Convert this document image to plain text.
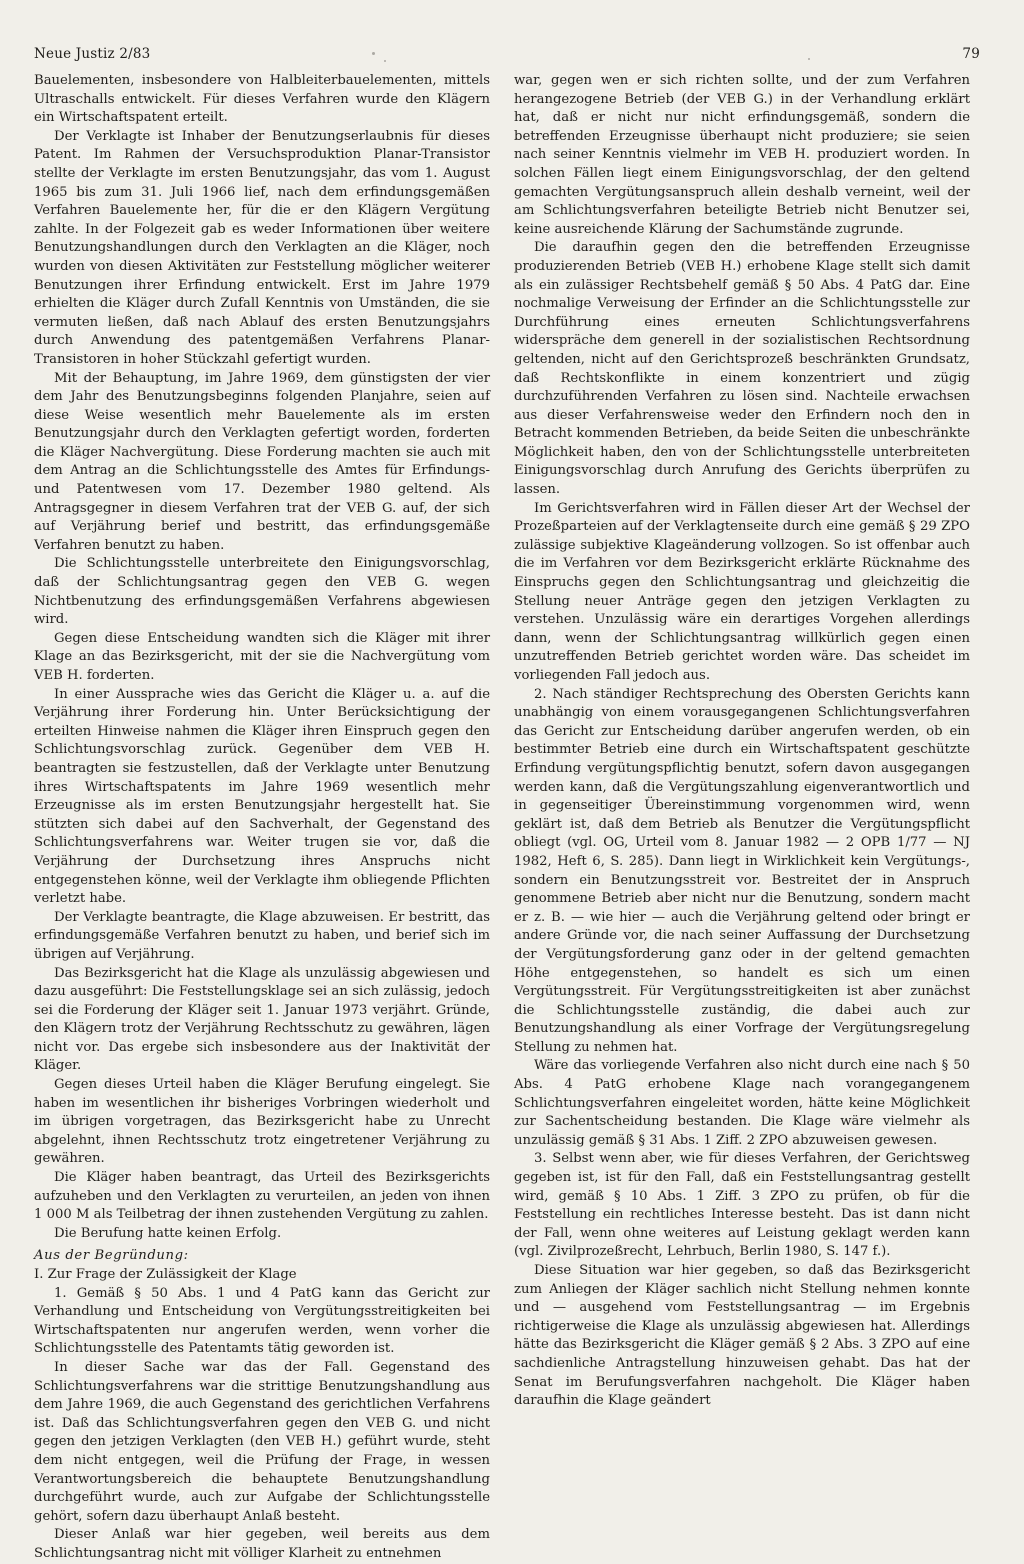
Neue Justiz 2/83	79

Bauelementen, insbesondere von Halbleiterbauelementen, mittels Ultraschalls entwickelt. Für dieses Verfahren wurde den Klägern ein Wirtschaftspatent erteilt.

Der Verklagte ist Inhaber der Benutzungserlaubnis für dieses Patent. Im Rahmen der Versuchsproduktion Planar-Transistor stellte der Verklagte im ersten Benutzungsjahr, das vom 1. August 1965 bis zum 31. Juli 1966 lief, nach dem erfindungsgemäßen Verfahren Bauelemente her, für die er den Klägern Vergütung zahlte. In der Folgezeit gab es weder Informationen über weitere Benutzungshandlungen durch den Verklagten an die Kläger, noch wurden von diesen Aktivitäten zur Feststellung möglicher weiterer Benutzungen ihrer Erfindung entwickelt. Erst im Jahre 1979 erhielten die Kläger durch Zufall Kenntnis von Umständen, die sie vermuten ließen, daß nach Ablauf des ersten Benutzungsjahrs durch Anwendung des patentgemäßen Verfahrens Planar-Transistoren in hoher Stückzahl gefertigt wurden.

Mit der Behauptung, im Jahre 1969, dem günstigsten der vier dem Jahr des Benutzungsbeginns folgenden Planjahre, seien auf diese Weise wesentlich mehr Bauelemente als im ersten Benutzungsjahr durch den Verklagten gefertigt worden, forderten die Kläger Nachvergütung. Diese Forderung machten sie auch mit dem Antrag an die Schlichtungsstelle des Amtes für Erfindungs- und Patentwesen vom 17. Dezember 1980 geltend. Als Antragsgegner in diesem Verfahren trat der VEB G. auf, der sich auf Verjährung berief und bestritt, das erfindungsgemäße Verfahren benutzt zu haben.

Die Schlichtungsstelle unterbreitete den Einigungsvorschlag, daß der Schlichtungsantrag gegen den VEB G. wegen Nichtbenutzung des erfindungsgemäßen Verfahrens abgewiesen wird.

Gegen diese Entscheidung wandten sich die Kläger mit ihrer Klage an das Bezirksgericht, mit der sie die Nachvergütung vom VEB H. forderten.

In einer Aussprache wies das Gericht die Kläger u. a. auf die Verjährung ihrer Forderung hin. Unter Berücksichtigung der erteilten Hinweise nahmen die Kläger ihren Einspruch gegen den Schlichtungsvorschlag zurück. Gegenüber dem VEB H. beantragten sie festzustellen, daß der Verklagte unter Benutzung ihres Wirtschaftspatents im Jahre 1969 wesentlich mehr Erzeugnisse als im ersten Benutzungsjahr hergestellt hat. Sie stützten sich dabei auf den Sachverhalt, der Gegenstand des Schlichtungsverfahrens war. Weiter trugen sie vor, daß die Verjährung der Durchsetzung ihres Anspruchs nicht entgegenstehen könne, weil der Verklagte ihm obliegende Pflichten verletzt habe.

Der Verklagte beantragte, die Klage abzuweisen. Er bestritt, das erfindungsgemäße Verfahren benutzt zu haben, und berief sich im übrigen auf Verjährung.

Das Bezirksgericht hat die Klage als unzulässig abgewiesen und dazu ausgeführt: Die Feststellungsklage sei an sich zulässig, jedoch sei die Forderung der Kläger seit 1. Januar 1973 verjährt. Gründe, den Klägern trotz der Verjährung Rechtsschutz zu gewähren, lägen nicht vor. Das ergebe sich insbesondere aus der Inaktivität der Kläger.

Gegen dieses Urteil haben die Kläger Berufung eingelegt. Sie haben im wesentlichen ihr bisheriges Vorbringen wiederholt und im übrigen vorgetragen, das Bezirksgericht habe zu Unrecht abgelehnt, ihnen Rechtsschutz trotz eingetretener Verjährung zu gewähren.

Die Kläger haben beantragt, das Urteil des Bezirksgerichts aufzuheben und den Verklagten zu verurteilen, an jeden von ihnen 1 000 M als Teilbetrag der ihnen zustehenden Vergütung zu zahlen.

Die Berufung hatte keinen Erfolg.

Aus der Begründung:

I. Zur Frage der Zulässigkeit der Klage

1. Gemäß § 50 Abs. 1 und 4 PatG kann das Gericht zur Verhandlung und Entscheidung von Vergütungsstreitigkeiten bei Wirtschaftspatenten nur angerufen werden, wenn vorher die Schlichtungsstelle des Patentamts tätig geworden ist.

In dieser Sache war das der Fall. Gegenstand des Schlichtungsverfahrens war die strittige Benutzungshandlung aus dem Jahre 1969, die auch Gegenstand des gerichtlichen Verfahrens ist. Daß das Schlichtungsverfahren gegen den VEB G. und nicht gegen den jetzigen Verklagten (den VEB H.) geführt wurde, steht dem nicht entgegen, weil die Prüfung der Frage, in wessen Verantwortungsbereich die behauptete Benutzungshandlung durchgeführt wurde, auch zur Aufgabe der Schlichtungsstelle gehört, sofern dazu überhaupt Anlaß besteht.

Dieser Anlaß war hier gegeben, weil bereits aus dem Schlichtungsantrag nicht mit völliger Klarheit zu entnehmen

war, gegen wen er sich richten sollte, und der zum Verfahren herangezogene Betrieb (der VEB G.) in der Verhandlung erklärt hat, daß er nicht nur nicht erfindungsgemäß, sondern die betreffenden Erzeugnisse überhaupt nicht produziere; sie seien nach seiner Kenntnis vielmehr im VEB H. produziert worden. In solchen Fällen liegt einem Einigungsvorschlag, der den geltend gemachten Vergütungsanspruch allein deshalb verneint, weil der am Schlichtungsverfahren beteiligte Betrieb nicht Benutzer sei, keine ausreichende Klärung der Sachumstände zugrunde.

Die daraufhin gegen den die betreffenden Erzeugnisse produzierenden Betrieb (VEB H.) erhobene Klage stellt sich damit als ein zulässiger Rechtsbehelf gemäß § 50 Abs. 4 PatG dar. Eine nochmalige Verweisung der Erfinder an die Schlichtungsstelle zur Durchführung eines erneuten Schlichtungsverfahrens widerspräche dem generell in der sozialistischen Rechtsordnung geltenden, nicht auf den Gerichtsprozeß beschränkten Grundsatz, daß Rechtskonflikte in einem konzentriert und zügig durchzuführenden Verfahren zu lösen sind. Nachteile erwachsen aus dieser Verfahrensweise weder den Erfindern noch den in Betracht kommenden Betrieben, da beide Seiten die unbeschränkte Möglichkeit haben, den von der Schlichtungsstelle unterbreiteten Einigungsvorschlag durch Anrufung des Gerichts überprüfen zu lassen.

Im Gerichtsverfahren wird in Fällen dieser Art der Wechsel der Prozeßparteien auf der Verklagtenseite durch eine gemäß § 29 ZPO zulässige subjektive Klageänderung vollzogen. So ist offenbar auch die im Verfahren vor dem Bezirksgericht erklärte Rücknahme des Einspruchs gegen den Schlichtungsantrag und gleichzeitig die Stellung neuer Anträge gegen den jetzigen Verklagten zu verstehen. Unzulässig wäre ein derartiges Vorgehen allerdings dann, wenn der Schlichtungsantrag willkürlich gegen einen unzutreffenden Betrieb gerichtet worden wäre. Das scheidet im vorliegenden Fall jedoch aus.

2. Nach ständiger Rechtsprechung des Obersten Gerichts kann unabhängig von einem vorausgegangenen Schlichtungsverfahren das Gericht zur Entscheidung darüber angerufen werden, ob ein bestimmter Betrieb eine durch ein Wirtschaftspatent geschützte Erfindung vergütungspflichtig benutzt, sofern davon ausgegangen werden kann, daß die Vergütungszahlung eigenverantwortlich und in gegenseitiger Übereinstimmung vorgenommen wird, wenn geklärt ist, daß dem Betrieb als Benutzer die Vergütungspflicht obliegt (vgl. OG, Urteil vom 8. Januar 1982 — 2 OPB 1/77 — NJ 1982, Heft 6, S. 285). Dann liegt in Wirklichkeit kein Vergütungs-, sondern ein Benutzungsstreit vor. Bestreitet der in Anspruch genommene Betrieb aber nicht nur die Benutzung, sondern macht er z. B. — wie hier — auch die Verjährung geltend oder bringt er andere Gründe vor, die nach seiner Auffassung der Durchsetzung der Vergütungsforderung ganz oder in der geltend gemachten Höhe entgegenstehen, so handelt es sich um einen Vergütungsstreit. Für Vergütungsstreitigkeiten ist aber zunächst die Schlichtungsstelle zuständig, die dabei auch zur Benutzungshandlung als einer Vorfrage der Vergütungsregelung Stellung zu nehmen hat.

Wäre das vorliegende Verfahren also nicht durch eine nach § 50 Abs. 4 PatG erhobene Klage nach vorangegangenem Schlichtungsverfahren eingeleitet worden, hätte keine Möglichkeit zur Sachentscheidung bestanden. Die Klage wäre vielmehr als unzulässig gemäß § 31 Abs. 1 Ziff. 2 ZPO abzuweisen gewesen.

3. Selbst wenn aber, wie für dieses Verfahren, der Gerichtsweg gegeben ist, ist für den Fall, daß ein Feststellungsantrag gestellt wird, gemäß § 10 Abs. 1 Ziff. 3 ZPO zu prüfen, ob für die Feststellung ein rechtliches Interesse besteht. Das ist dann nicht der Fall, wenn ohne weiteres auf Leistung geklagt werden kann (vgl. Zivilprozeßrecht, Lehrbuch, Berlin 1980, S. 147 f.).

Diese Situation war hier gegeben, so daß das Bezirksgericht zum Anliegen der Kläger sachlich nicht Stellung nehmen konnte und — ausgehend vom Feststellungsantrag — im Ergebnis richtigerweise die Klage als unzulässig abgewiesen hat. Allerdings hätte das Bezirksgericht die Kläger gemäß § 2 Abs. 3 ZPO auf eine sachdienliche Antragstellung hinzuweisen gehabt. Das hat der Senat im Berufungsverfahren nachgeholt. Die Kläger haben daraufhin die Klage geändert
